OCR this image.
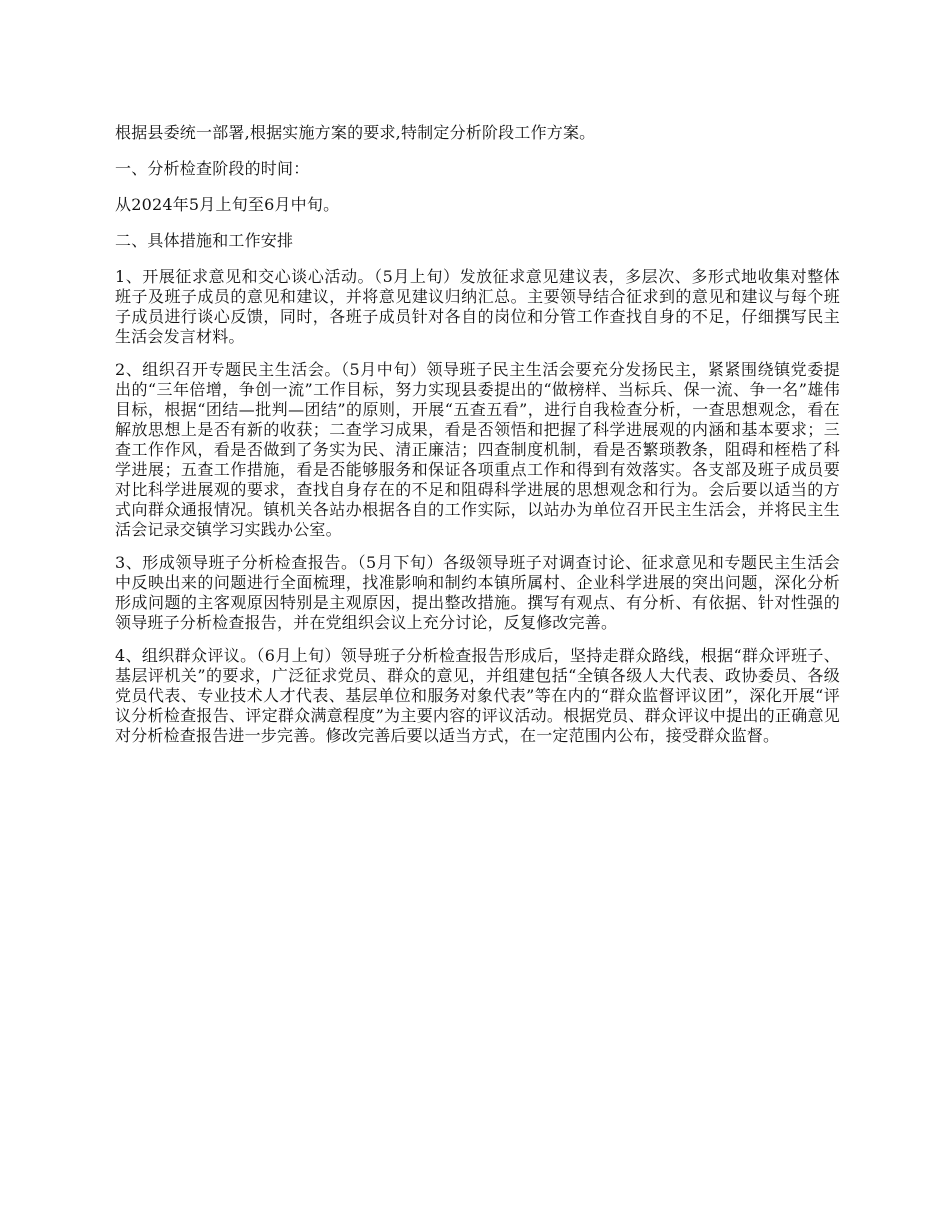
根据县委统一部署,根据实施方案的要求,特制定分析阶段工作方案。

一、分析检查阶段的时间：

从2024年5月上旬至6月中旬。

二、具体措施和工作安排

1、开展征求意见和交心谈心活动。（5月上旬）发放征求意见建议表，多层次、多形式地收集对整体班子及班子成员的意见和建议，并将意见建议归纳汇总。主要领导结合征求到的意见和建议与每个班子成员进行谈心反馈，同时，各班子成员针对各自的岗位和分管工作查找自身的不足，仔细撰写民主生活会发言材料。

2、组织召开专题民主生活会。（5月中旬）领导班子民主生活会要充分发扬民主，紧紧围绕镇党委提出的“三年倍增，争创一流”工作目标，努力实现县委提出的“做榜样、当标兵、保一流、争一名”雄伟目标，根据“团结—批判—团结”的原则，开展“五查五看”，进行自我检查分析，一查思想观念，看在解放思想上是否有新的收获；二查学习成果，看是否领悟和把握了科学进展观的内涵和基本要求；三查工作作风，看是否做到了务实为民、清正廉洁；四查制度机制，看是否繁琐教条，阻碍和桎梏了科学进展；五查工作措施，看是否能够服务和保证各项重点工作和得到有效落实。各支部及班子成员要对比科学进展观的要求，查找自身存在的不足和阻碍科学进展的思想观念和行为。会后要以适当的方式向群众通报情况。镇机关各站办根据各自的工作实际，以站办为单位召开民主生活会，并将民主生活会记录交镇学习实践办公室。

3、形成领导班子分析检查报告。（5月下旬）各级领导班子对调查讨论、征求意见和专题民主生活会中反映出来的问题进行全面梳理，找准影响和制约本镇所属村、企业科学进展的突出问题，深化分析形成问题的主客观原因特别是主观原因，提出整改措施。撰写有观点、有分析、有依据、针对性强的领导班子分析检查报告，并在党组织会议上充分讨论，反复修改完善。

4、组织群众评议。（6月上旬）领导班子分析检查报告形成后，坚持走群众路线，根据“群众评班子、基层评机关”的要求，广泛征求党员、群众的意见，并组建包括“全镇各级人大代表、政协委员、各级党员代表、专业技术人才代表、基层单位和服务对象代表”等在内的“群众监督评议团”，深化开展“评议分析检查报告、评定群众满意程度”为主要内容的评议活动。根据党员、群众评议中提出的正确意见对分析检查报告进一步完善。修改完善后要以适当方式，在一定范围内公布，接受群众监督。
